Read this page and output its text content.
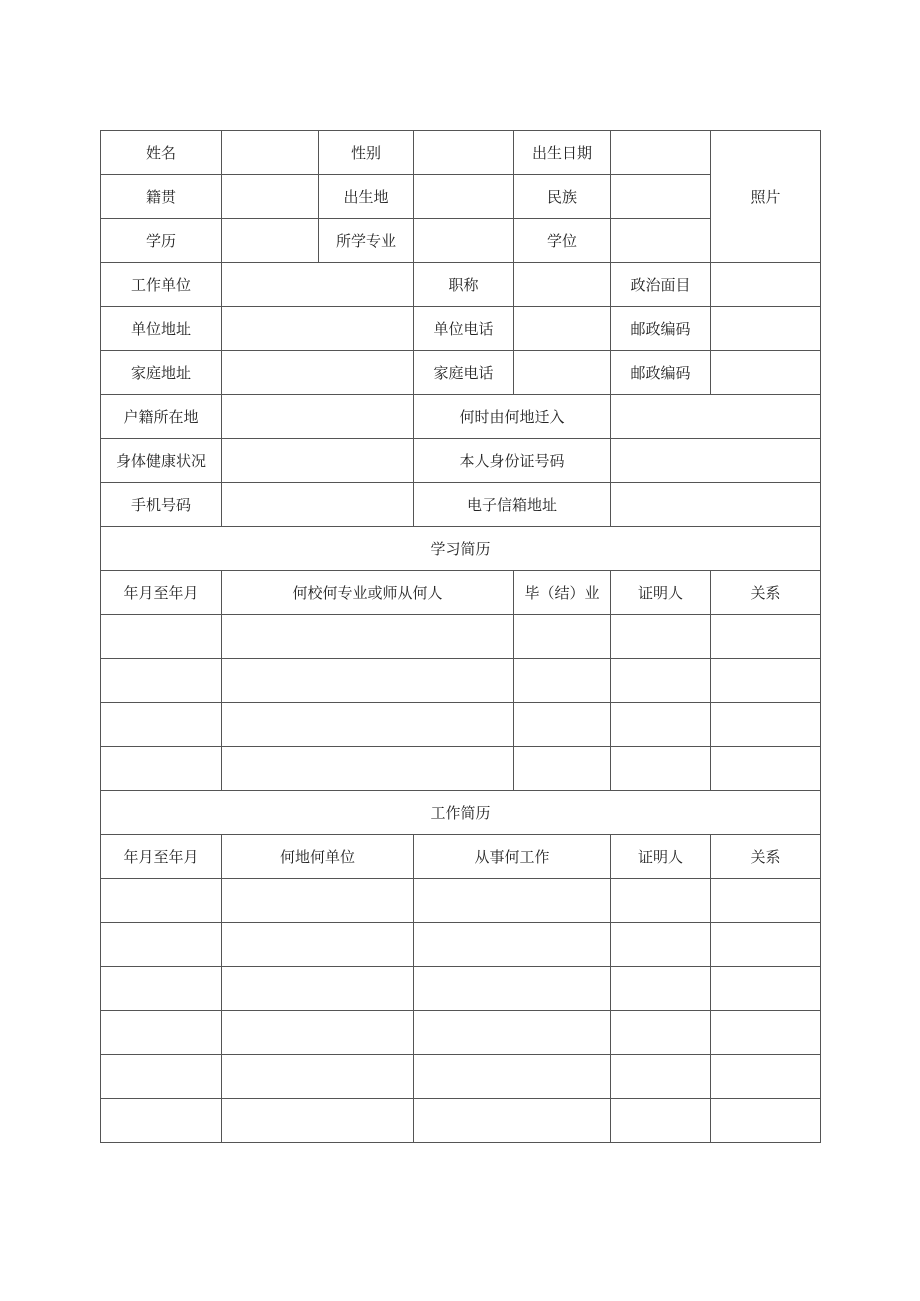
姓名		性别		出生日期		照片
籍贯		出生地		民族		
学历		所学专业		学位		
工作单位			职称		政治面目	
单位地址			单位电话		邮政编码	
家庭地址			家庭电话		邮政编码	
户籍所在地			何时由何地迁入			
身体健康状况			本人身份证号码			
手机号码			电子信箱地址			
学习简历						
年月至年月	何校何专业或师从何人			毕（结）业	证明人	关系

工作简历						
年月至年月	何地何单位		从事何工作		证明人	关系
